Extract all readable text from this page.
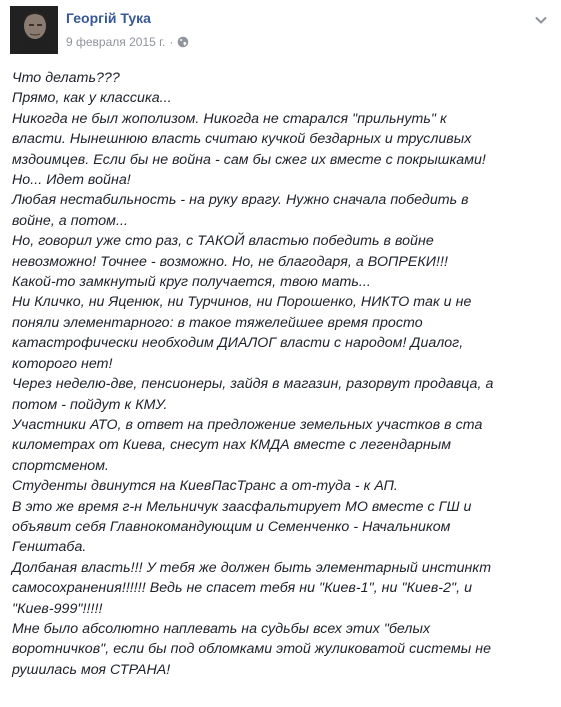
Георгій Тука
9 февраля 2015 г. ·
Что делать???
Прямо, как у классика...
Никогда не был жополизом. Никогда не старался "прильнуть" к
власти. Нынешнюю власть считаю кучкой бездарных и трусливых
мздоимцев. Если бы не война - сам бы сжег их вместе с покрышками!
Но... Идет война!
Любая нестабильность - на руку врагу. Нужно сначала победить в
войне, а потом...
Но, говорил уже сто раз, с ТАКОЙ властью победить в войне
невозможно! Точнее - возможно. Но, не благодаря, а ВОПРЕКИ!!!
Какой-то замкнутый круг получается, твою мать...
Ни Кличко, ни Яценюк, ни Турчинов, ни Порошенко, НИКТО так и не
поняли элементарного: в такое тяжелейшее время просто
катастрофически необходим ДИАЛОГ власти с народом! Диалог,
которого нет!
Через неделю-две, пенсионеры, зайдя в магазин, разорвут продавца, а
потом - пойдут к КМУ.
Участники АТО, в ответ на предложение земельных участков в ста
километрах от Киева, снесут нах КМДА вместе с легендарным
спортсменом.
Студенты двинутся на КиевПасТранс а от-туда - к АП.
В это же время г-н Мельничук заасфальтирует МО вместе с ГШ и
объявит себя Главнокомандующим и Семенченко - Начальником
Генштаба.
Долбаная власть!!! У тебя же должен быть элементарный инстинкт
самосохранения!!!!!! Ведь не спасет тебя ни "Киев-1", ни "Киев-2", и
"Киев-999"!!!!!
Мне было абсолютно наплевать на судьбы всех этих "белых
воротничков", если бы под обломками этой жуликоватой системы не
рушилась моя СТРАНА!
